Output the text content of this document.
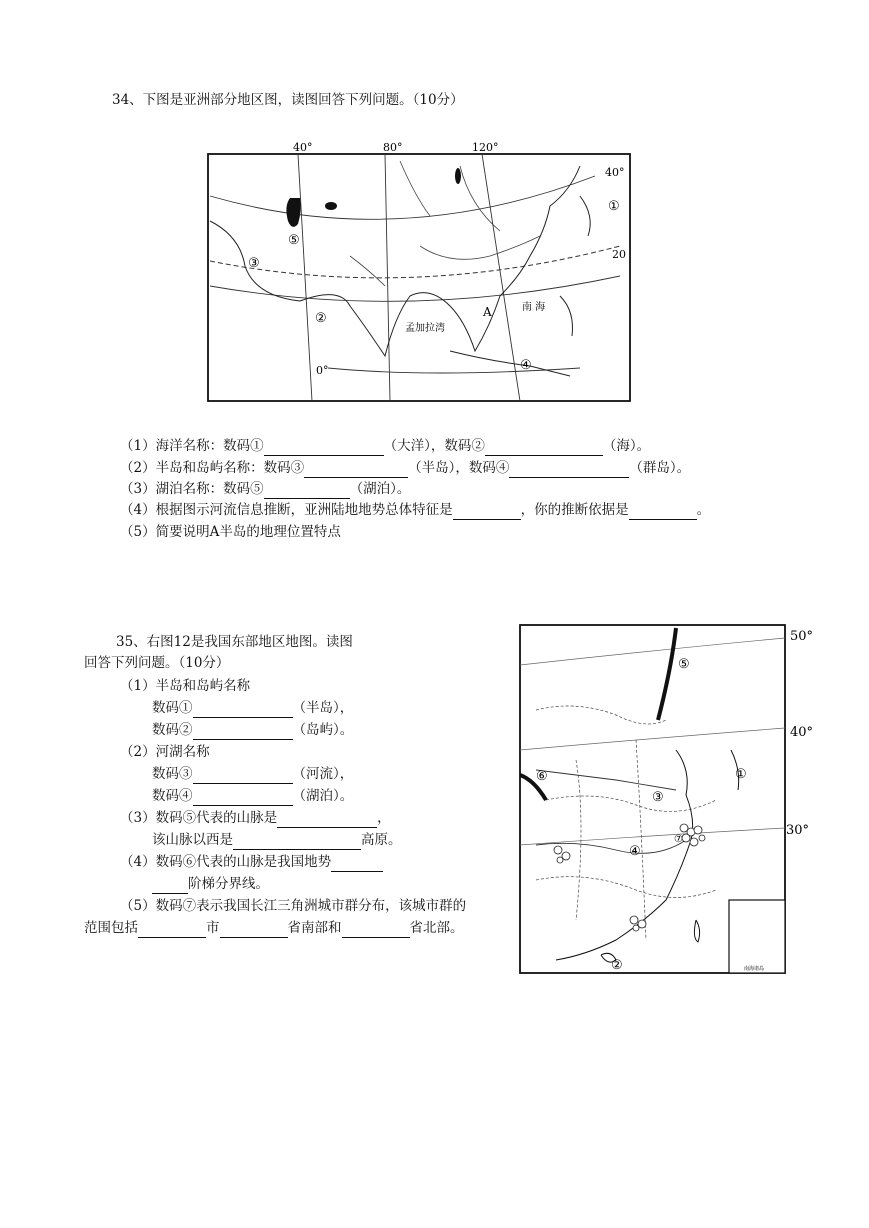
34、下图是亚洲部分地区图，读图回答下列问题。（10分）
40°	80°	120°
40°
20
0°
南 海
孟加拉湾
A
①
②
③
④
⑤
（1）海洋名称：数码①	（大洋），数码②	（海）。
（2）半岛和岛屿名称：数码③	（半岛），数码④	（群岛）。
（3）湖泊名称：数码⑤	（湖泊）。
（4）根据图示河流信息推断，亚洲陆地地势总体特征是	，你的推断依据是	。
（5）简要说明A半岛的地理位置特点
35、右图12是我国东部地区地图。读图
回答下列问题。（10分）
（1）半岛和岛屿名称
数码①	（半岛），
数码②	（岛屿）。
（2）河湖名称
数码③	（河流），
数码④	（湖泊）。
（3）数码⑤代表的山脉是	，
该山脉以西是	高原。
（4）数码⑥代表的山脉是我国地势
阶梯分界线。
（5）数码⑦表示我国长江三角洲城市群分布，该城市群的
范围包括	市	省南部和	省北部。
南海诸岛
50°
40°
30°
①
②
③
④
⑤
⑥
⑦
